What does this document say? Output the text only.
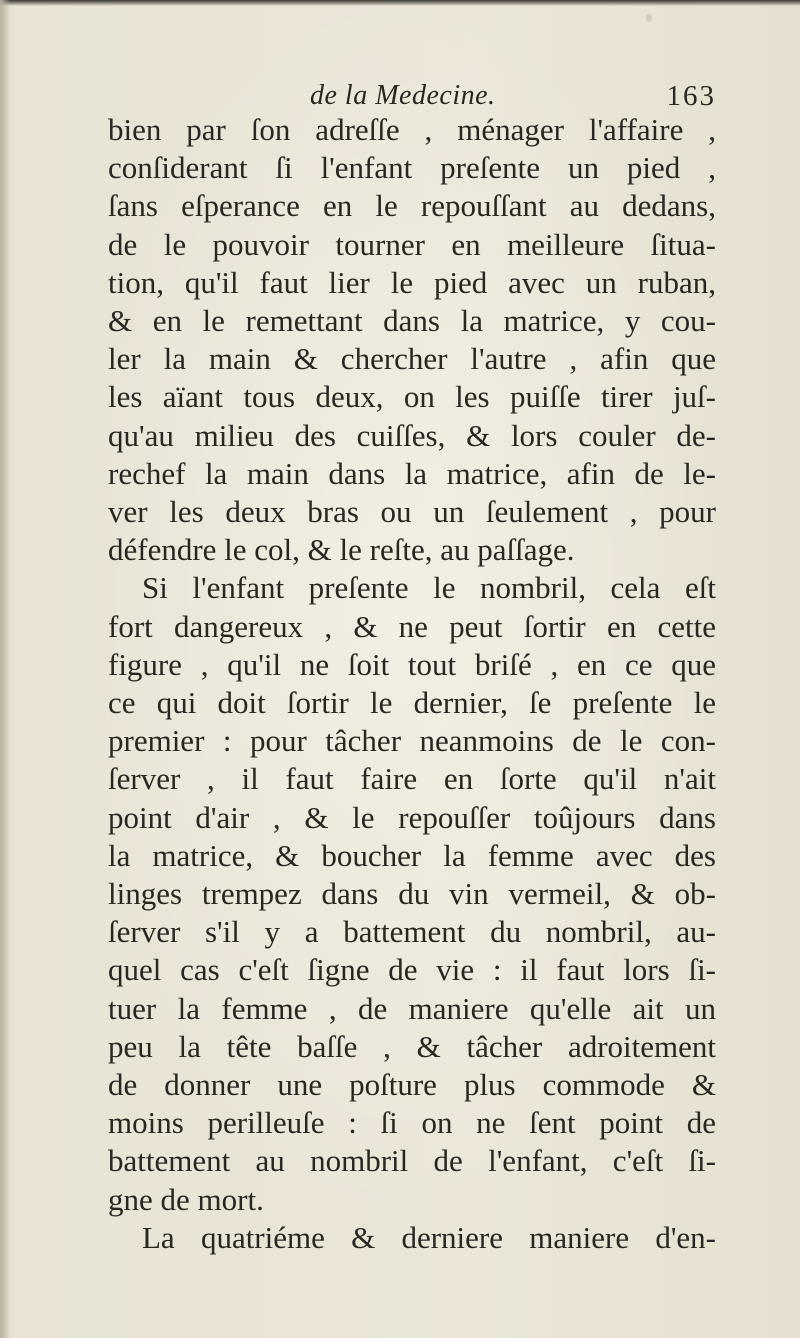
de la Medecine.	163
bien par ſon adreſſe , ménager l'affaire ,
conſiderant ſi l'enfant preſente un pied ,
ſans eſperance en le repouſſant au dedans,
de le pouvoir tourner en meilleure ſitua-
tion, qu'il faut lier le pied avec un ruban,
& en le remettant dans la matrice, y cou-
ler la main & chercher l'autre , afin que
les aïant tous deux, on les puiſſe tirer juſ-
qu'au milieu des cuiſſes, & lors couler de-
rechef la main dans la matrice, afin de le-
ver les deux bras ou un ſeulement , pour
défendre le col, & le reſte, au paſſage.
Si l'enfant preſente le nombril, cela eſt
fort dangereux , & ne peut ſortir en cette
figure , qu'il ne ſoit tout briſé , en ce que
ce qui doit ſortir le dernier, ſe preſente le
premier : pour tâcher neanmoins de le con-
ſerver , il faut faire en ſorte qu'il n'ait
point d'air , & le repouſſer toûjours dans
la matrice, & boucher la femme avec des
linges trempez dans du vin vermeil, & ob-
ſerver s'il y a battement du nombril, au-
quel cas c'eſt ſigne de vie : il faut lors ſi-
tuer la femme , de maniere qu'elle ait un
peu la tête baſſe , & tâcher adroitement
de donner une poſture plus commode &
moins perilleuſe : ſi on ne ſent point de
battement au nombril de l'enfant, c'eſt ſi-
gne de mort.
La quatriéme & derniere maniere d'en-
